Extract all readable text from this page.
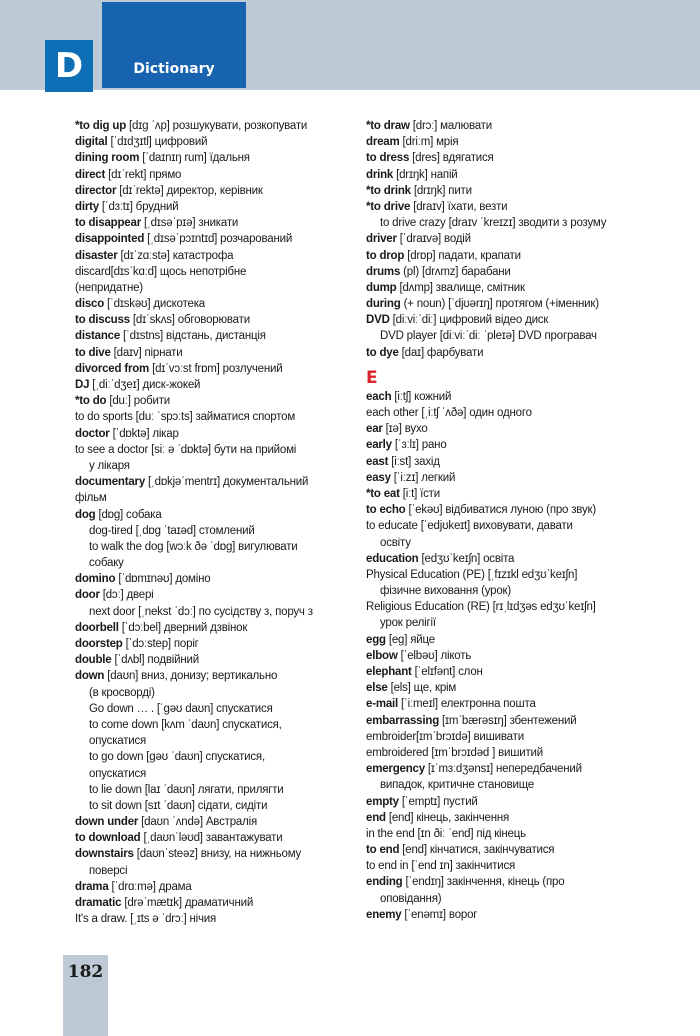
D	Dictionary
*to dig up [dɪɡ ˈʌp] розшукувати, розкопувати
digital [ˈdɪdʒɪtl] цифровий
dining room [ˈdaɪnɪŋ rum] їдальня
direct [dɪˈrekt] прямо
director [dɪˈrektə] директор, керівник
dirty [ˈdɜːtɪ] брудний
to disappear [ˌdɪsəˈpɪə] зникати
disappointed [ˌdɪsəˈpɔɪntɪd] розчарований
disaster [dɪˈzɑːstə] катастрофа
discard[dɪsˈkɑːd] щось непотрібне
(непридатне)
disco [ˈdɪskəʊ] дискотека
to discuss [dɪˈskʌs] обговорювати
distance [ˈdɪstns] відстань, дистанція
to dive [daɪv] пірнати
divorced from [dɪˈvɔːst frɒm] розлучений
DJ [ˌdiːˈdʒeɪ] диск-жокей
*to do [duː] робити
to do sports [duː ˈspɔːts] займатися спортом
doctor [ˈdɒktə] лікар
to see a doctor [siː ə ˈdɒktə] бути на прийомі
у лікаря
documentary [ˌdɒkjəˈmentrɪ] документальний
фільм
dog [dɒɡ] собака
dog-tired [ˌdɒɡ ˈtaɪəd] стомлений
to walk the dog [wɔːk ðə ˈdɒɡ] вигулювати
собаку
domino [ˈdɒmɪnəʊ] доміно
door [dɔː] двері
next door [ˌnekst ˈdɔː] по сусідству з, поруч з
doorbell [ˈdɔːbel] дверний дзвінок
doorstep [ˈdɔːstep] поріг
double [ˈdʌbl] подвійний
down [daʊn] вниз, донизу; вертикально
(в кросворді)
Go down … . [ˈɡəʊ daʊn] спускатися
to come down [kʌm ˈdaʊn] спускатися,
опускатися
to go down [ɡəʊ ˈdaʊn] спускатися,
опускатися
to lie down [laɪ ˈdaʊn] лягати, прилягти
to sit down [sɪt ˈdaʊn] сідати, сидіти
down under [daʊn ˈʌndə] Австралія
to download [ˌdaʊnˈləʊd] завантажувати
downstairs [daʊnˈsteəz] внизу, на нижньому
поверсі
drama [ˈdrɑːmə] драма
dramatic [drəˈmætɪk] драматичний
It's a draw. [ˌɪts ə ˈdrɔː] нічия
*to draw [drɔː] малювати
dream [driːm] мрія
to dress [dres] вдягатися
drink [drɪŋk] напій
*to drink [drɪŋk] пити
*to drive [draɪv] їхати, везти
to drive crazy [draɪv ˈkreɪzɪ] зводити з розуму
driver [ˈdraɪvə] водій
to drop [drɒp] падати, крапати
drums (pl) [drʌmz] барабани
dump [dʌmp] звалище, смітник
during (+ noun) [ˈdjʊərɪŋ] протягом (+іменник)
DVD [diːviːˈdiː] цифровий відео диск
DVD player [diːviːˈdiː ˈpleɪə] DVD програвач
to dye [daɪ] фарбувати
E
each [iːtʃ] кожний
each other [ˌiːtʃ ˈʌðə] один одного
ear [ɪə] вухо
early [ˈɜːlɪ] рано
east [iːst] захід
easy [ˈiːzɪ] легкий
*to eat [iːt] їсти
to echo [ˈekəʊ] відбиватися луною (про звук)
to educate [ˈedjʊkeɪt] виховувати, давати
освіту
education [edʒʊˈkeɪʃn] освіта
Physical Education (PE) [ˌfɪzɪkl edʒʊˈkeɪʃn]
фізичне виховання (урок)
Religious Education (RE) [rɪˌlɪdʒəs edʒʊˈkeɪʃn]
урок релігії
egg [eɡ] яйце
elbow [ˈelbəʊ] лікоть
elephant [ˈelɪfənt] слон
else [els] ще, крім
e-mail [ˈiːmeɪl] електронна пошта
embarrassing [ɪmˈbærəsɪŋ] збентежений
embroider[ɪmˈbrɔɪdə] вишивати
embroidered [ɪmˈbrɔɪdəd ] вишитий
emergency [ɪˈmɜːdʒənsɪ] непередбачений
випадок, критичне становище
empty [ˈemptɪ] пустий
end [end] кінець, закінчення
in the end [ɪn ðiː ˈend] під кінець
to end [end] кінчатися, закінчуватися
to end in [ˈend ɪn] закінчитися
ending [ˈendɪŋ] закінчення, кінець (про
оповідання)
enemy [ˈenəmɪ] ворог
182
